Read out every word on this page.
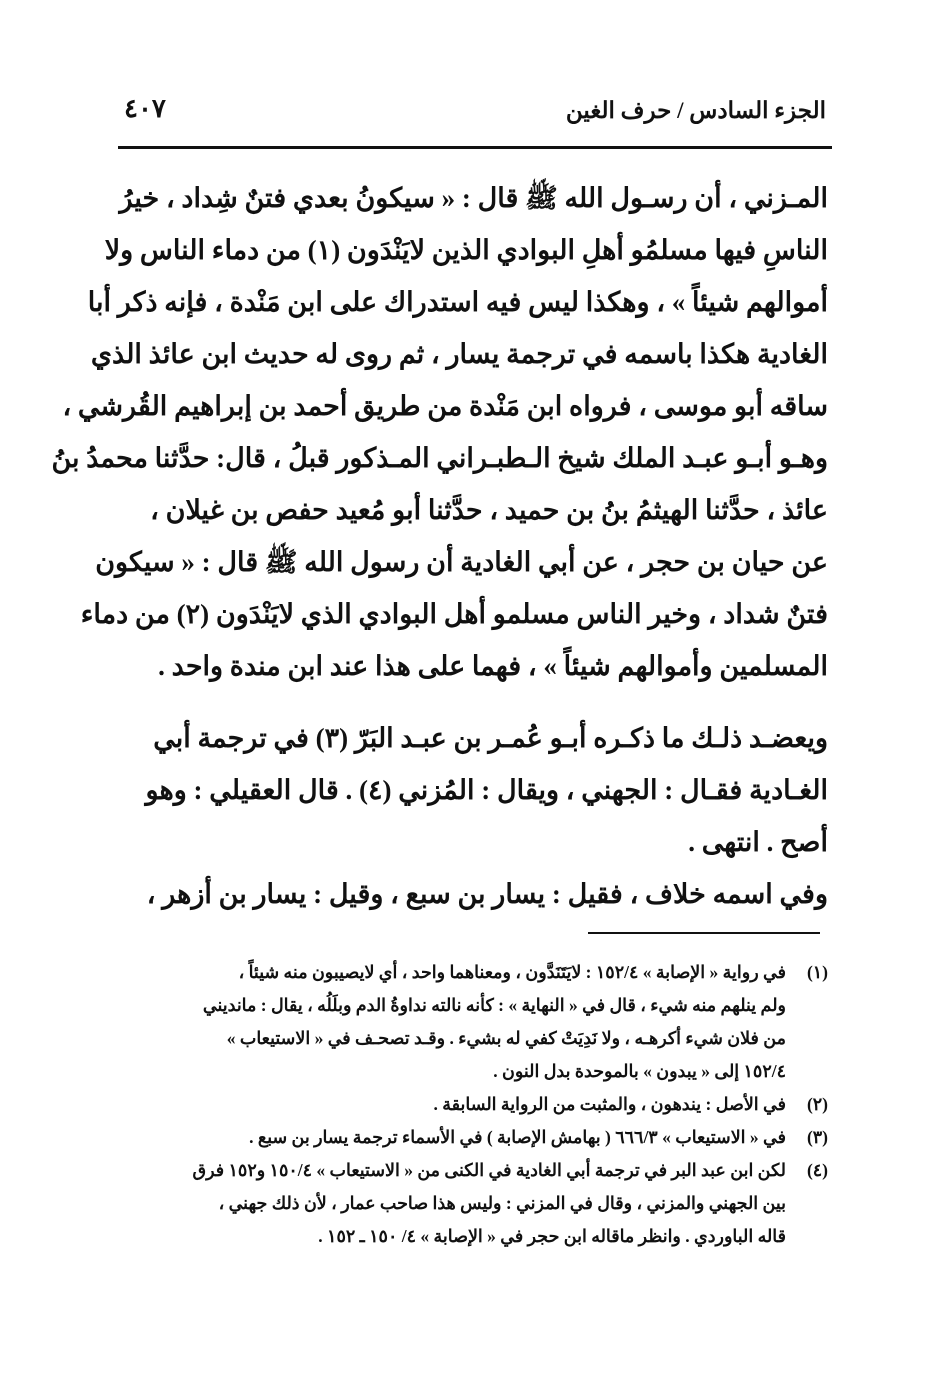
الجزء السادس / حرف الغين
٤٠٧
المـزني ، أن رسـول الله ﷺ قال : « سيكونُ بعدي فتنٌ شِداد ، خيرُ
الناسِ فيها مسلمُو أهلِ البوادي الذين لايَنْدَون (١) من دماء الناس ولا
أموالهم شيئاً » ، وهكذا ليس فيه استدراك على ابن مَنْدة ، فإنه ذكر أبا
الغادية هكذا باسمه في ترجمة يسار ، ثم روى له حديث ابن عائذ الذي
ساقه أبو موسى ، فرواه ابن مَنْدة من طريق أحمد بن إبراهيم القُرشي ،
وهـو أبـو عبـد الملك شيخ الـطبـراني المـذكور قبلُ ، قال: حدَّثنا محمدُ بنُ
عائذ ، حدَّثنا الهيثمُ بنُ بن حميد ، حدَّثنا أبو مُعيد حفص بن غيلان ،
عن حيان بن حجر ، عن أبي الغادية أن رسول الله ﷺ قال : « سيكون
فتنٌ شداد ، وخير الناس مسلمو أهل البوادي الذي لايَنْدَون (٢) من دماء
المسلمين وأموالهم شيئاً » ، فهما على هذا عند ابن مندة واحد .
ويعضـد ذلـك ما ذكـره أبـو عُمـر بن عبـد البَرّ (٣) في ترجمة أبي
الغـادية فقـال : الجهني ، ويقال : المُزني (٤) . قال العقيلي : وهو
أصح . انتهى .
وفي اسمه خلاف ، فقيل : يسار بن سبع ، وقيل : يسار بن أزهر ،
(١)
في رواية « الإصابة » ١٥٢/٤ : لايَتَنَدَّون ، ومعناهما واحد ، أي لايصيبون منه شيئاً ،
ولم ينلهم منه شيء ، قال في « النهاية » : كأنه نالته نداوةُ الدم وبلَلُه ، يقال : مانديني
من فلان شيء أكرهـه ، ولا نَدِيَتْ كفي له بشيء . وقـد تصحـف في « الاستيعاب »
١٥٢/٤ إلى « يبدون » بالموحدة بدل النون .
(٢)
في الأصل : يندهون ، والمثبت من الرواية السابقة .
(٣)
في « الاستيعاب » ٦٦٦/٣ ( بهامش الإصابة ) في الأسماء ترجمة يسار بن سبع .
(٤)
لكن ابن عبد البر في ترجمة أبي الغادية في الكنى من « الاستيعاب » ١٥٠/٤ و١٥٢ فرق
بين الجهني والمزني ، وقال في المزني : وليس هذا صاحب عمار ، لأن ذلك جهني ،
قاله الباوردي . وانظر ماقاله ابن حجر في « الإصابة » ٤/ ١٥٠ ـ ١٥٢ .
